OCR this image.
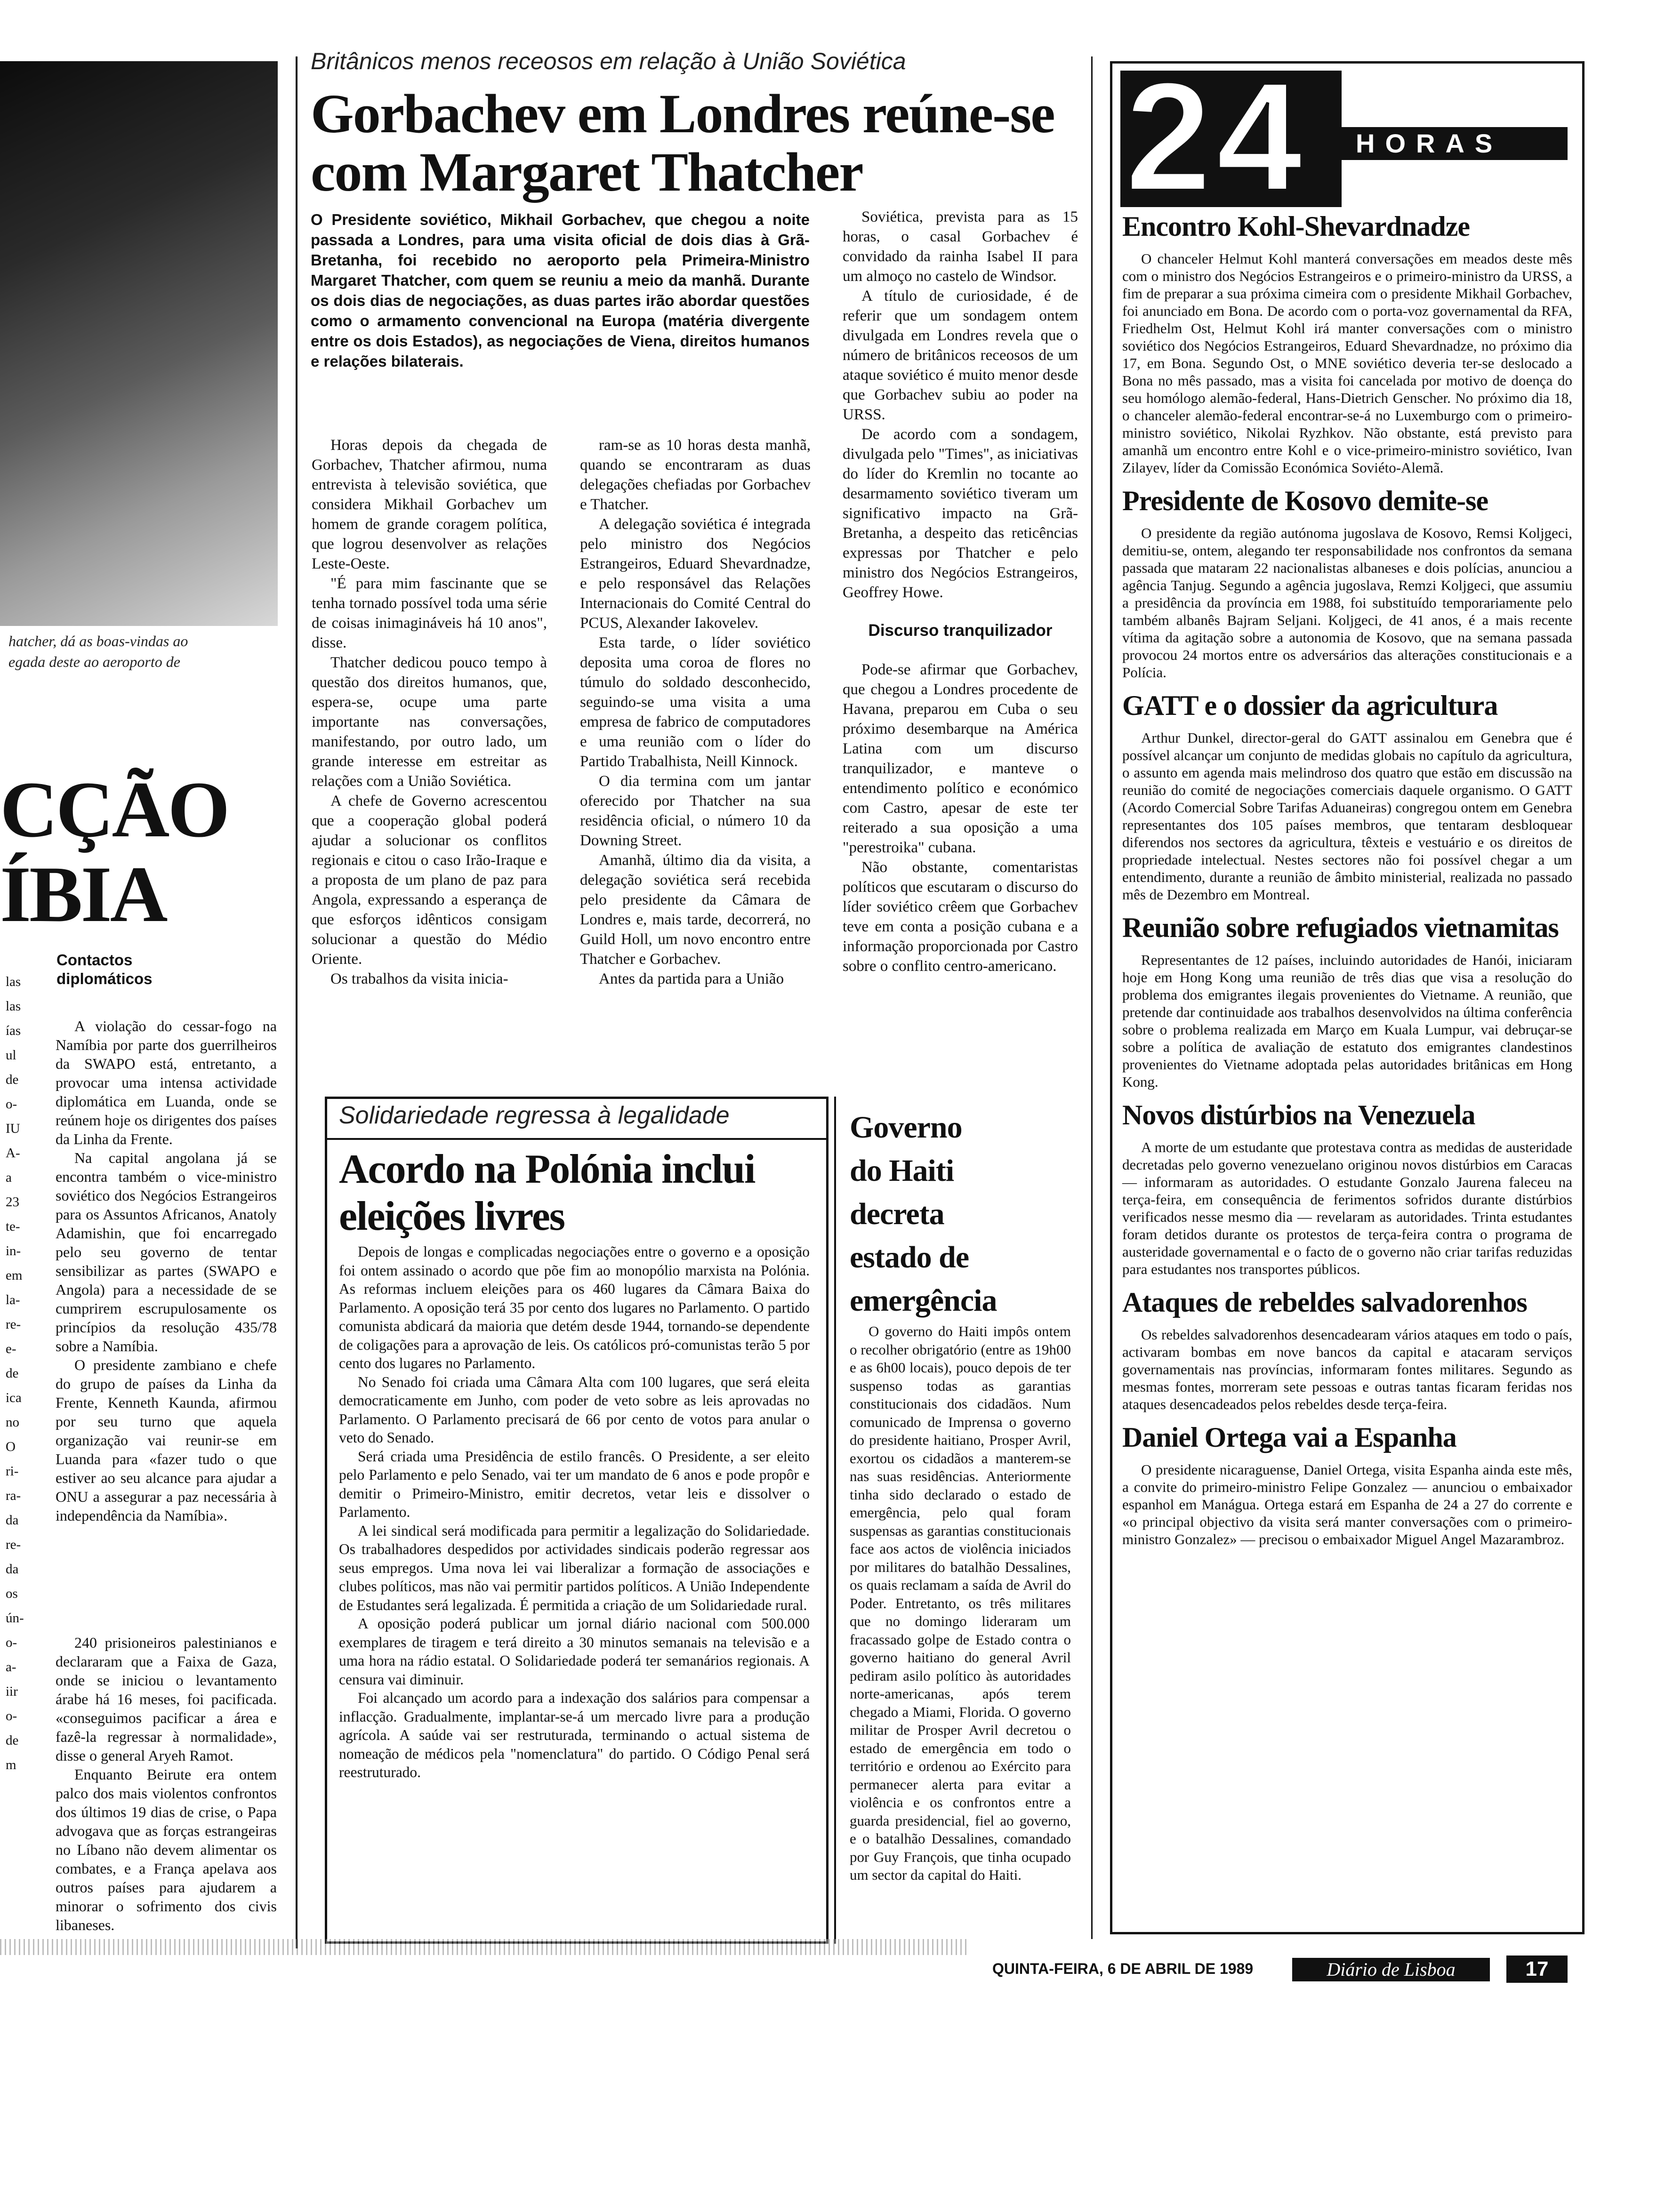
hatcher, dá as boas-vindas ao
egada deste ao aeroporto de
CÇÃO
ÍBIA
las
las
ías
ul
de
o-
IU
A-
a
23
te-
in-
em
la-
re-
e-
de
ica
no
O
ri-
ra-
da
re-
da
os
ún-
o-
a-
iir
o-
de
m
Contactos diplomáticos

A violação do cessar-fogo na Namíbia por parte dos guerrilheiros da SWAPO está, entretanto, a provocar uma intensa actividade diplomática em Luanda, onde se reúnem hoje os dirigentes dos países da Linha da Frente.

Na capital angolana já se encontra também o vice-ministro soviético dos Negócios Estrangeiros para os Assuntos Africanos, Anatoly Adamishin, que foi encarregado pelo seu governo de tentar sensibilizar as partes (SWAPO e Angola) para a necessidade de se cumprirem escrupulosamente os princípios da resolução 435/78 sobre a Namíbia.

O presidente zambiano e chefe do grupo de países da Linha da Frente, Kenneth Kaunda, afirmou por seu turno que aquela organização vai reunir-se em Luanda para «fazer tudo o que estiver ao seu alcance para ajudar a ONU a assegurar a paz necessária à independência da Namíbia».

240 prisioneiros palestinianos e declararam que a Faixa de Gaza, onde se iniciou o levantamento árabe há 16 meses, foi pacificada. «conseguimos pacificar a área e fazê-la regressar à normalidade», disse o general Aryeh Ramot.

Enquanto Beirute era ontem palco dos mais violentos confrontos dos últimos 19 dias de crise, o Papa advogava que as forças estrangeiras no Líbano não devem alimentar os combates, e a França apelava aos outros países para ajudarem a minorar o sofrimento dos civis libaneses.

Britânicos menos receosos em relação à União Soviética
Gorbachev em Londres reúne-se
com Margaret Thatcher
O Presidente soviético, Mikhail Gorbachev, que chegou a noite passada a Londres, para uma visita oficial de dois dias à Grã-Bretanha, foi recebido no aeroporto pela Primeira-Ministro Margaret Thatcher, com quem se reuniu a meio da manhã. Durante os dois dias de negociações, as duas partes irão abordar questões como o armamento convencional na Europa (matéria divergente entre os dois Estados), as negociações de Viena, direitos humanos e relações bilaterais.

Horas depois da chegada de Gorbachev, Thatcher afirmou, numa entrevista à televisão soviética, que considera Mikhail Gorbachev um homem de grande coragem política, que logrou desenvolver as relações Leste-Oeste.

"É para mim fascinante que se tenha tornado possível toda uma série de coisas inimagináveis há 10 anos", disse.

Thatcher dedicou pouco tempo à questão dos direitos humanos, que, espera-se, ocupe uma parte importante nas conversações, manifestando, por outro lado, um grande interesse em estreitar as relações com a União Soviética.

A chefe de Governo acrescentou que a cooperação global poderá ajudar a solucionar os conflitos regionais e citou o caso Irão-Iraque e a proposta de um plano de paz para Angola, expressando a esperança de que esforços idênticos consigam solucionar a questão do Médio Oriente.

Os trabalhos da visita inicia-

ram-se as 10 horas desta manhã, quando se encontraram as duas delegações chefiadas por Gorbachev e Thatcher.

A delegação soviética é integrada pelo ministro dos Negócios Estrangeiros, Eduard Shevardnadze, e pelo responsável das Relações Internacionais do Comité Central do PCUS, Alexander Iakovelev.

Esta tarde, o líder soviético deposita uma coroa de flores no túmulo do soldado desconhecido, seguindo-se uma visita a uma empresa de fabrico de computadores e uma reunião com o líder do Partido Trabalhista, Neill Kinnock.

O dia termina com um jantar oferecido por Thatcher na sua residência oficial, o número 10 da Downing Street.

Amanhã, último dia da visita, a delegação soviética será recebida pelo presidente da Câmara de Londres e, mais tarde, decorrerá, no Guild Holl, um novo encontro entre Thatcher e Gorbachev.

Antes da partida para a União

Soviética, prevista para as 15 horas, o casal Gorbachev é convidado da rainha Isabel II para um almoço no castelo de Windsor.

A título de curiosidade, é de referir que um sondagem ontem divulgada em Londres revela que o número de britânicos receosos de um ataque soviético é muito menor desde que Gorbachev subiu ao poder na URSS.

De acordo com a sondagem, divulgada pelo "Times", as iniciativas do líder do Kremlin no tocante ao desarmamento soviético tiveram um significativo impacto na Grã-Bretanha, a despeito das reticências expressas por Thatcher e pelo ministro dos Negócios Estrangeiros, Geoffrey Howe.

Discurso tranquilizador

Pode-se afirmar que Gorbachev, que chegou a Londres procedente de Havana, preparou em Cuba o seu próximo desembarque na América Latina com um discurso tranquilizador, e manteve o entendimento político e económico com Castro, apesar de este ter reiterado a sua oposição a uma "perestroika" cubana.

Não obstante, comentaristas políticos que escutaram o discurso do líder soviético crêem que Gorbachev teve em conta a posição cubana e a informação proporcionada por Castro sobre o conflito centro-americano.

Solidariedade regressa à legalidade
Acordo na Polónia inclui
eleições livres

Depois de longas e complicadas negociações entre o governo e a oposição foi ontem assinado o acordo que põe fim ao monopólio marxista na Polónia. As reformas incluem eleições para os 460 lugares da Câmara Baixa do Parlamento. A oposição terá 35 por cento dos lugares no Parlamento. O partido comunista abdicará da maioria que detém desde 1944, tornando-se dependente de coligações para a aprovação de leis. Os católicos pró-comunistas terão 5 por cento dos lugares no Parlamento.

No Senado foi criada uma Câmara Alta com 100 lugares, que será eleita democraticamente em Junho, com poder de veto sobre as leis aprovadas no Parlamento. O Parlamento precisará de 66 por cento de votos para anular o veto do Senado.

Será criada uma Presidência de estilo francês. O Presidente, a ser eleito pelo Parlamento e pelo Senado, vai ter um mandato de 6 anos e pode propôr e demitir o Primeiro-Ministro, emitir decretos, vetar leis e dissolver o Parlamento.

A lei sindical será modificada para permitir a legalização do Solidariedade. Os trabalhadores despedidos por actividades sindicais poderão regressar aos seus empregos. Uma nova lei vai liberalizar a formação de associações e clubes políticos, mas não vai permitir partidos políticos. A União Independente de Estudantes será legalizada. É permitida a criação de um Solidariedade rural.

A oposição poderá publicar um jornal diário nacional com 500.000 exemplares de tiragem e terá direito a 30 minutos semanais na televisão e a uma hora na rádio estatal. O Solidariedade poderá ter semanários regionais. A censura vai diminuir.

Foi alcançado um acordo para a indexação dos salários para compensar a inflacção. Gradualmente, implantar-se-á um mercado livre para a produção agrícola. A saúde vai ser restruturada, terminando o actual sistema de nomeação de médicos pela "nomenclatura" do partido. O Código Penal será reestruturado.

Governo
do Haiti
decreta
estado de
emergência

O governo do Haiti impôs ontem o recolher obrigatório (entre as 19h00 e as 6h00 locais), pouco depois de ter suspenso todas as garantias constitucionais dos cidadãos. Num comunicado de Imprensa o governo do presidente haitiano, Prosper Avril, exortou os cidadãos a manterem-se nas suas residências. Anteriormente tinha sido declarado o estado de emergência, pelo qual foram suspensas as garantias constitucionais face aos actos de violência iniciados por militares do batalhão Dessalines, os quais reclamam a saída de Avril do Poder. Entretanto, os três militares que no domingo lideraram um fracassado golpe de Estado contra o governo haitiano do general Avril pediram asilo político às autoridades norte-americanas, após terem chegado a Miami, Florida. O governo militar de Prosper Avril decretou o estado de emergência em todo o território e ordenou ao Exército para permanecer alerta para evitar a violência e os confrontos entre a guarda presidencial, fiel ao governo, e o batalhão Dessalines, comandado por Guy François, que tinha ocupado um sector da capital do Haiti.

24	HORAS
Encontro Kohl-Shevardnadze

O chanceler Helmut Kohl manterá conversações em meados deste mês com o ministro dos Negócios Estrangeiros e o primeiro-ministro da URSS, a fim de preparar a sua próxima cimeira com o presidente Mikhail Gorbachev, foi anunciado em Bona. De acordo com o porta-voz governamental da RFA, Friedhelm Ost, Helmut Kohl irá manter conversações com o ministro soviético dos Negócios Estrangeiros, Eduard Shevardnadze, no próximo dia 17, em Bona. Segundo Ost, o MNE soviético deveria ter-se deslocado a Bona no mês passado, mas a visita foi cancelada por motivo de doença do seu homólogo alemão-federal, Hans-Dietrich Genscher. No próximo dia 18, o chanceler alemão-federal encontrar-se-á no Luxemburgo com o primeiro-ministro soviético, Nikolai Ryzhkov. Não obstante, está previsto para amanhã um encontro entre Kohl e o vice-primeiro-ministro soviético, Ivan Zilayev, líder da Comissão Económica Soviéto-Alemã.

Presidente de Kosovo demite-se

O presidente da região autónoma jugoslava de Kosovo, Remsi Koljgeci, demitiu-se, ontem, alegando ter responsabilidade nos confrontos da semana passada que mataram 22 nacionalistas albaneses e dois polícias, anunciou a agência Tanjug. Segundo a agência jugoslava, Remzi Koljgeci, que assumiu a presidência da província em 1988, foi substituído temporariamente pelo também albanês Bajram Seljani. Koljgeci, de 41 anos, é a mais recente vítima da agitação sobre a autonomia de Kosovo, que na semana passada provocou 24 mortos entre os adversários das alterações constitucionais e a Polícia.

GATT e o dossier da agricultura

Arthur Dunkel, director-geral do GATT assinalou em Genebra que é possível alcançar um conjunto de medidas globais no capítulo da agricultura, o assunto em agenda mais melindroso dos quatro que estão em discussão na reunião do comité de negociações comerciais daquele organismo. O GATT (Acordo Comercial Sobre Tarifas Aduaneiras) congregou ontem em Genebra representantes dos 105 países membros, que tentaram desbloquear diferendos nos sectores da agricultura, têxteis e vestuário e os direitos de propriedade intelectual. Nestes sectores não foi possível chegar a um entendimento, durante a reunião de âmbito ministerial, realizada no passado mês de Dezembro em Montreal.

Reunião sobre refugiados vietnamitas

Representantes de 12 países, incluindo autoridades de Hanói, iniciaram hoje em Hong Kong uma reunião de três dias que visa a resolução do problema dos emigrantes ilegais provenientes do Vietname. A reunião, que pretende dar continuidade aos trabalhos desenvolvidos na última conferência sobre o problema realizada em Março em Kuala Lumpur, vai debruçar-se sobre a política de avaliação de estatuto dos emigrantes clandestinos provenientes do Vietname adoptada pelas autoridades britânicas em Hong Kong.

Novos distúrbios na Venezuela

A morte de um estudante que protestava contra as medidas de austeridade decretadas pelo governo venezuelano originou novos distúrbios em Caracas — informaram as autoridades. O estudante Gonzalo Jaurena faleceu na terça-feira, em consequência de ferimentos sofridos durante distúrbios verificados nesse mesmo dia — revelaram as autoridades. Trinta estudantes foram detidos durante os protestos de terça-feira contra o programa de austeridade governamental e o facto de o governo não criar tarifas reduzidas para estudantes nos transportes públicos.

Ataques de rebeldes salvadorenhos

Os rebeldes salvadorenhos desencadearam vários ataques em todo o país, activaram bombas em nove bancos da capital e atacaram serviços governamentais nas províncias, informaram fontes militares. Segundo as mesmas fontes, morreram sete pessoas e outras tantas ficaram feridas nos ataques desencadeados pelos rebeldes desde terça-feira.

Daniel Ortega vai a Espanha

O presidente nicaraguense, Daniel Ortega, visita Espanha ainda este mês, a convite do primeiro-ministro Felipe Gonzalez — anunciou o embaixador espanhol em Manágua. Ortega estará em Espanha de 24 a 27 do corrente e «o principal objectivo da visita será manter conversações com o primeiro-ministro Gonzalez» — precisou o embaixador Miguel Angel Mazarambroz.

QUINTA-FEIRA, 6 DE ABRIL DE 1989	Diário de Lisboa	17
